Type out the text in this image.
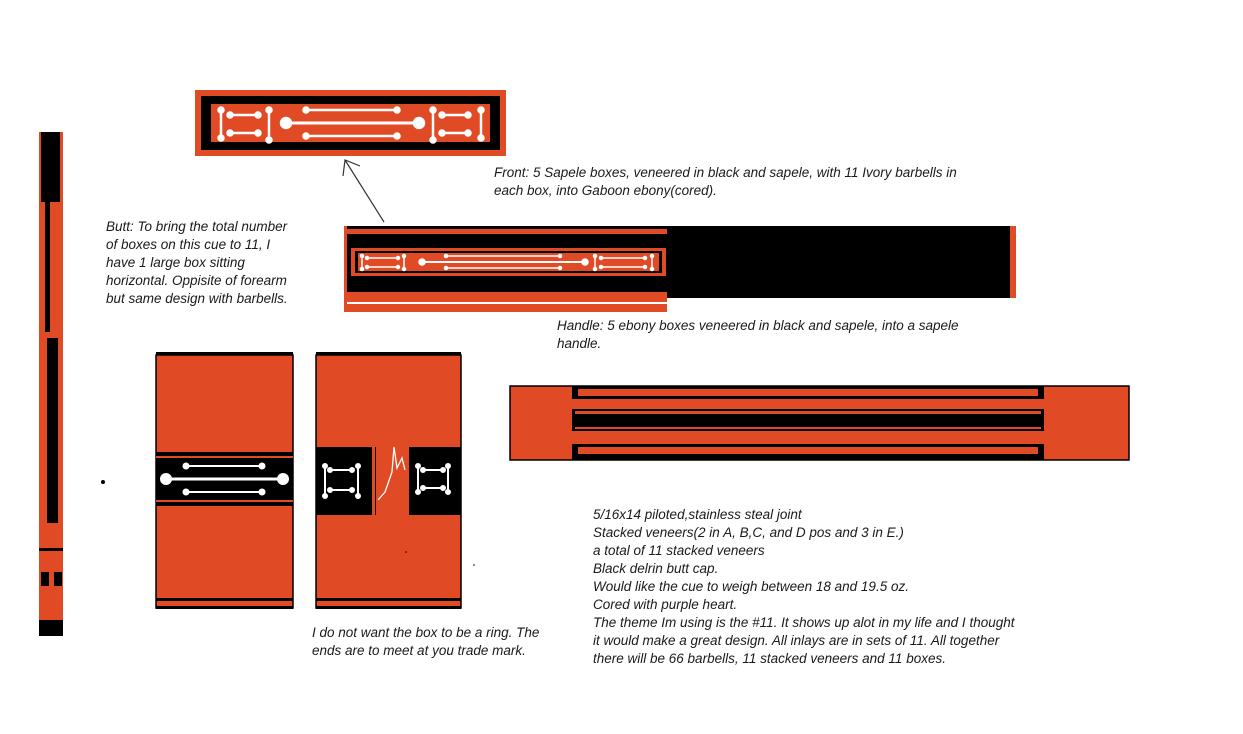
Front: 5 Sapele boxes, veneered in black and sapele, with 11 Ivory barbells in
each box, into Gaboon ebony(cored).

Butt: To bring the total number
of boxes on this cue to 11, I
have 1 large box sitting
horizontal. Oppisite of forearm
but same design with barbells.

Handle: 5 ebony boxes veneered in black and sapele, into a sapele
handle.

I do not want the box to be a ring. The
ends are to meet at you trade mark.

5/16x14 piloted,stainless steal joint
Stacked veneers(2 in A, B,C, and D pos and 3 in E.)
a total of 11 stacked veneers
Black delrin butt cap.
Would like the cue to weigh between 18 and 19.5 oz.
Cored with purple heart.
The theme Im using is the #11. It shows up alot in my life and I thought
it would make a great design. All inlays are in sets of 11. All together
there will be 66 barbells, 11 stacked veneers and 11 boxes.
